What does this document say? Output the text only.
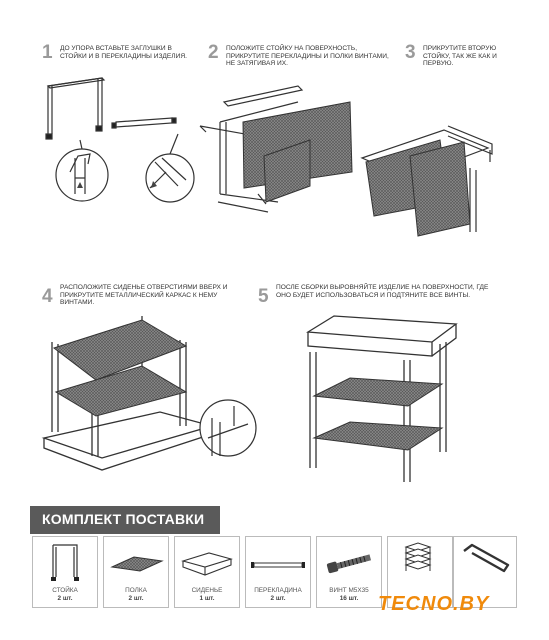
1 ДО УПОРА ВСТАВЬТЕ ЗАГЛУШКИ В СТОЙКИ И В ПЕРЕКЛАДИНЫ ИЗДЕЛИЯ. 2 ПОЛОЖИТЕ СТОЙКУ НА ПОВЕРХНОСТЬ, ПРИКРУТИТЕ ПЕРЕКЛАДИНЫ И ПОЛКИ ВИНТАМИ, НЕ ЗАТЯГИВАЯ ИХ.
3 ПРИКРУТИТЕ ВТОРУЮ СТОЙКУ, ТАК ЖЕ КАК И ПЕРВУЮ.
4 РАСПОЛОЖИТЕ СИДЕНЬЕ ОТВЕРСТИЯМИ ВВЕРХ И ПРИКРУТИТЕ МЕТАЛЛИЧЕСКИЙ КАРКАС К НЕМУ ВИНТАМИ.	5 ПОСЛЕ СБОРКИ ВЫРОВНЯЙТЕ ИЗДЕЛИЕ НА ПОВЕРХНОСТИ, ГДЕ ОНО БУДЕТ ИСПОЛЬЗОВАТЬСЯ И ПОДТЯНИТЕ ВСЕ ВИНТЫ.
КОМПЛЕКТ ПОСТАВКИ
СТОЙКА
2 шт.
ПОЛКА
2 шт.
СИДЕНЬЕ
1 шт.
ПЕРЕКЛАДИНА
2 шт.
ВИНТ M5X35
16 шт. TECNO.BY
